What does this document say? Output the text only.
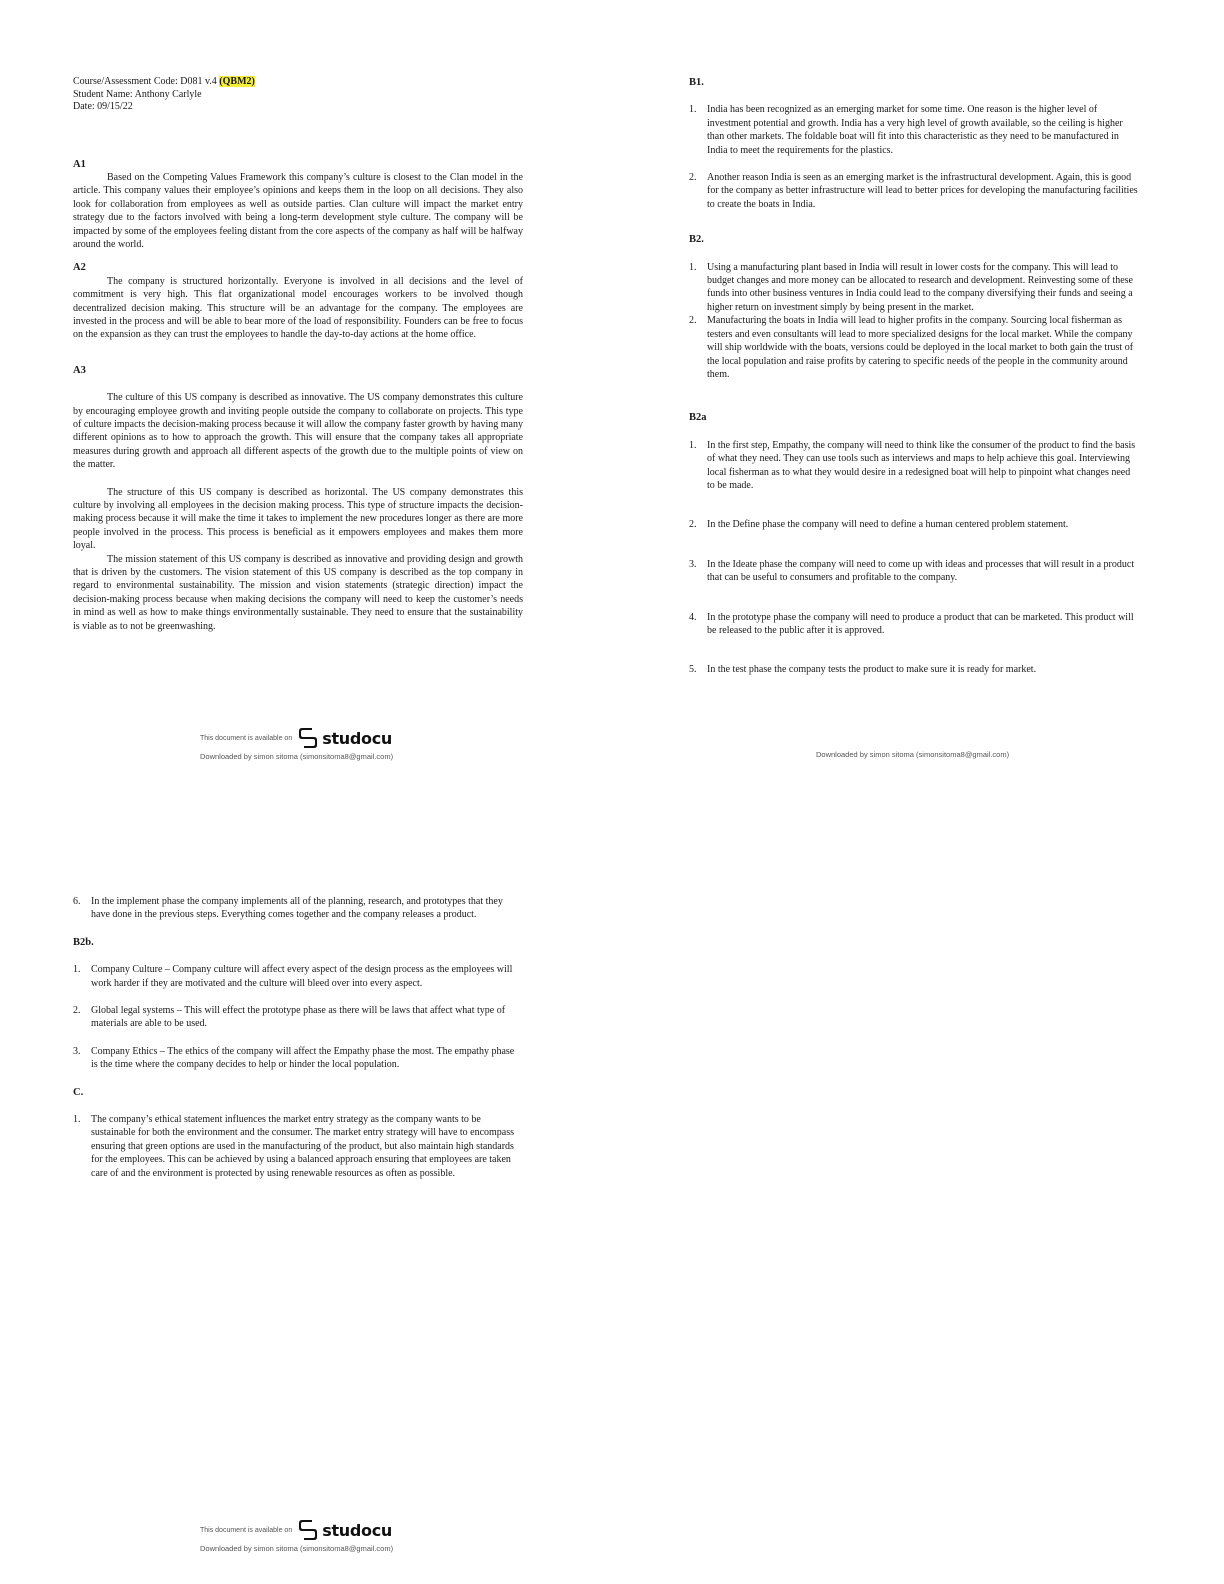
Course/Assessment Code: D081 v.4 (QBM2)

Student Name: Anthony Carlyle

Date: 09/15/22

A1

Based on the Competing Values Framework this company’s culture is closest to the Clan model in the article. This company values their employee’s opinions and keeps them in the loop on all decisions. They also look for collaboration from employees as well as outside parties. Clan culture will impact the market entry strategy due to the factors involved with being a long-term development style culture. The company will be impacted by some of the employees feeling distant from the core aspects of the company as half will be halfway around the world.

A2

The company is structured horizontally. Everyone is involved in all decisions and the level of commitment is very high. This flat organizational model encourages workers to be involved though decentralized decision making. This structure will be an advantage for the company. The employees are invested in the process and will be able to bear more of the load of responsibility. Founders can be free to focus on the expansion as they can trust the employees to handle the day-to-day actions at the home office.

A3

The culture of this US company is described as innovative. The US company demonstrates this culture by encouraging employee growth and inviting people outside the company to collaborate on projects. This type of culture impacts the decision-making process because it will allow the company faster growth by having many different opinions as to how to approach the growth. This will ensure that the company takes all appropriate measures during growth and approach all different aspects of the growth due to the multiple points of view on the matter.

The structure of this US company is described as horizontal. The US company demonstrates this culture by involving all employees in the decision making process. This type of structure impacts the decision-making process because it will make the time it takes to implement the new procedures longer as there are more people involved in the process. This process is beneficial as it empowers employees and makes them more loyal.

The mission statement of this US company is described as innovative and providing design and growth that is driven by the customers. The vision statement of this US company is described as the top company in regard to environmental sustainability. The mission and vision statements (strategic direction) impact the decision-making process because when making decisions the company will need to keep the customer’s needs in mind as well as how to make things environmentally sustainable. They need to ensure that the sustainability is viable as to not be greenwashing.

This document is available on studocu
Downloaded by simon sitoma (simonsitoma8@gmail.com)

B1.

1.	India has been recognized as an emerging market for some time. One reason is the higher level of investment potential and growth. India has a very high level of growth available, so the ceiling is higher than other markets. The foldable boat will fit into this characteristic as they need to be manufactured in India to meet the requirements for the plastics.
2.	Another reason India is seen as an emerging market is the infrastructural development. Again, this is good for the company as better infrastructure will lead to better prices for developing the manufacturing facilities to create the boats in India.

B2.

1.	Using a manufacturing plant based in India will result in lower costs for the company. This will lead to budget changes and more money can be allocated to research and development. Reinvesting some of these funds into other business ventures in India could lead to the company diversifying their funds and seeing a higher return on investment simply by being present in the market.
2.	Manufacturing the boats in India will lead to higher profits in the company. Sourcing local fisherman as testers and even consultants will lead to more specialized designs for the local market. While the company will ship worldwide with the boats, versions could be deployed in the local market to both gain the trust of the local population and raise profits by catering to specific needs of the people in the community around them.

B2a

1.	In the first step, Empathy, the company will need to think like the consumer of the product to find the basis of what they need. They can use tools such as interviews and maps to help achieve this goal. Interviewing local fisherman as to what they would desire in a redesigned boat will help to pinpoint what changes need to be made.
2.	In the Define phase the company will need to define a human centered problem statement.
3.	In the Ideate phase the company will need to come up with ideas and processes that will result in a product that can be useful to consumers and profitable to the company.
4.	In the prototype phase the company will need to produce a product that can be marketed. This product will be released to the public after it is approved.
5.	In the test phase the company tests the product to make sure it is ready for market.
Downloaded by simon sitoma (simonsitoma8@gmail.com)
6.	In the implement phase the company implements all of the planning, research, and prototypes that they have done in the previous steps. Everything comes together and the company releases a product.

B2b.

1.	Company Culture – Company culture will affect every aspect of the design process as the employees will work harder if they are motivated and the culture will bleed over into every aspect.
2.	Global legal systems – This will effect the prototype phase as there will be laws that affect what type of materials are able to be used.
3.	Company Ethics – The ethics of the company will affect the Empathy phase the most. The empathy phase is the time where the company decides to help or hinder the local population.

C.

1.	The company’s ethical statement influences the market entry strategy as the company wants to be sustainable for both the environment and the consumer. The market entry strategy will have to encompass ensuring that green options are used in the manufacturing of the product, but also maintain high standards for the employees. This can be achieved by using a balanced approach ensuring that employees are taken care of and the environment is protected by using renewable resources as often as possible.
This document is available on studocu
Downloaded by simon sitoma (simonsitoma8@gmail.com)
